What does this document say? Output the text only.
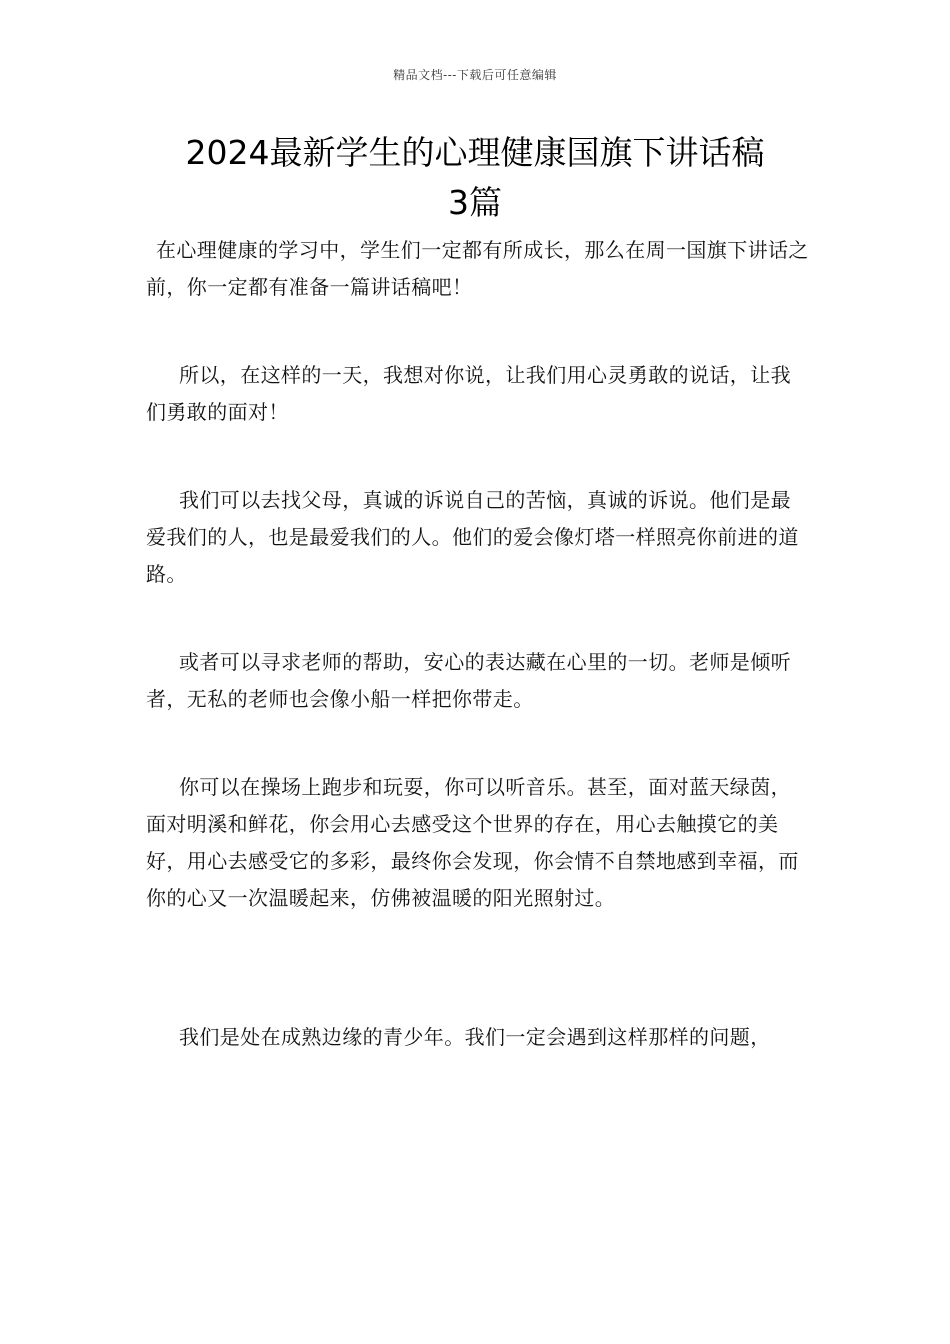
精品文档---下载后可任意编辑
2024最新学生的心理健康国旗下讲话稿
3篇

在心理健康的学习中，学生们一定都有所成长，那么在周一国旗下讲话之前，你一定都有准备一篇讲话稿吧！

所以，在这样的一天，我想对你说，让我们用心灵勇敢的说话，让我们勇敢的面对！

我们可以去找父母，真诚的诉说自己的苦恼，真诚的诉说。他们是最爱我们的人，也是最爱我们的人。他们的爱会像灯塔一样照亮你前进的道路。

或者可以寻求老师的帮助，安心的表达藏在心里的一切。老师是倾听者，无私的老师也会像小船一样把你带走。

你可以在操场上跑步和玩耍，你可以听音乐。甚至，面对蓝天绿茵，面对明溪和鲜花，你会用心去感受这个世界的存在，用心去触摸它的美好，用心去感受它的多彩，最终你会发现，你会情不自禁地感到幸福，而你的心又一次温暖起来，仿佛被温暖的阳光照射过。

我们是处在成熟边缘的青少年。我们一定会遇到这样那样的问题，
